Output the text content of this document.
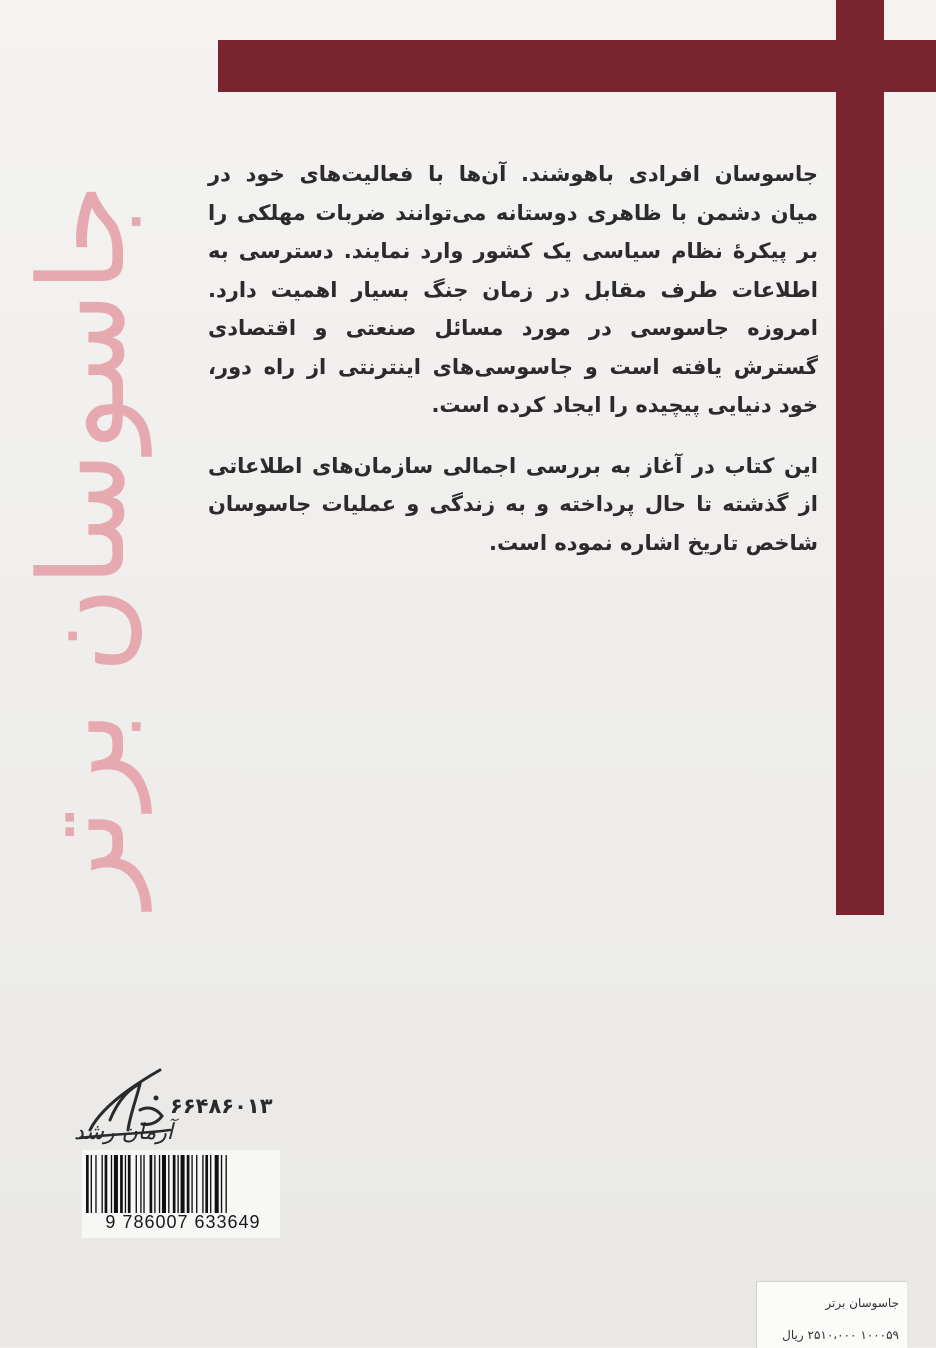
جاسوسان برتر

جاسوسان افرادی باهوشند. آن‌ها با فعالیت‌های خود در میان دشمن با ظاهری دوستانه می‌توانند ضربات مهلکی را بر پیکرهٔ نظام سیاسی یک کشور وارد نمایند. دسترسی به اطلاعات طرف مقابل در زمان جنگ بسیار اهمیت دارد. امروزه جاسوسی در مورد مسائل صنعتی و اقتصادی گسترش یافته است و جاسوسی‌های اینترنتی از راه دور، خود دنیایی پیچیده را ایجاد کرده است.

این کتاب در آغاز به بررسی اجمالی سازمان‌های اطلاعاتی از گذشته تا حال پرداخته و به زندگی و عملیات جاسوسان شاخص تاریخ اشاره نموده است.

آرمان رشد
۶۶۴۸۶۰۱۳
9 786007 633649
جاسوسان برتر
۱۰۰۰۵۹ ۲۵۱۰،۰۰۰ ریال
